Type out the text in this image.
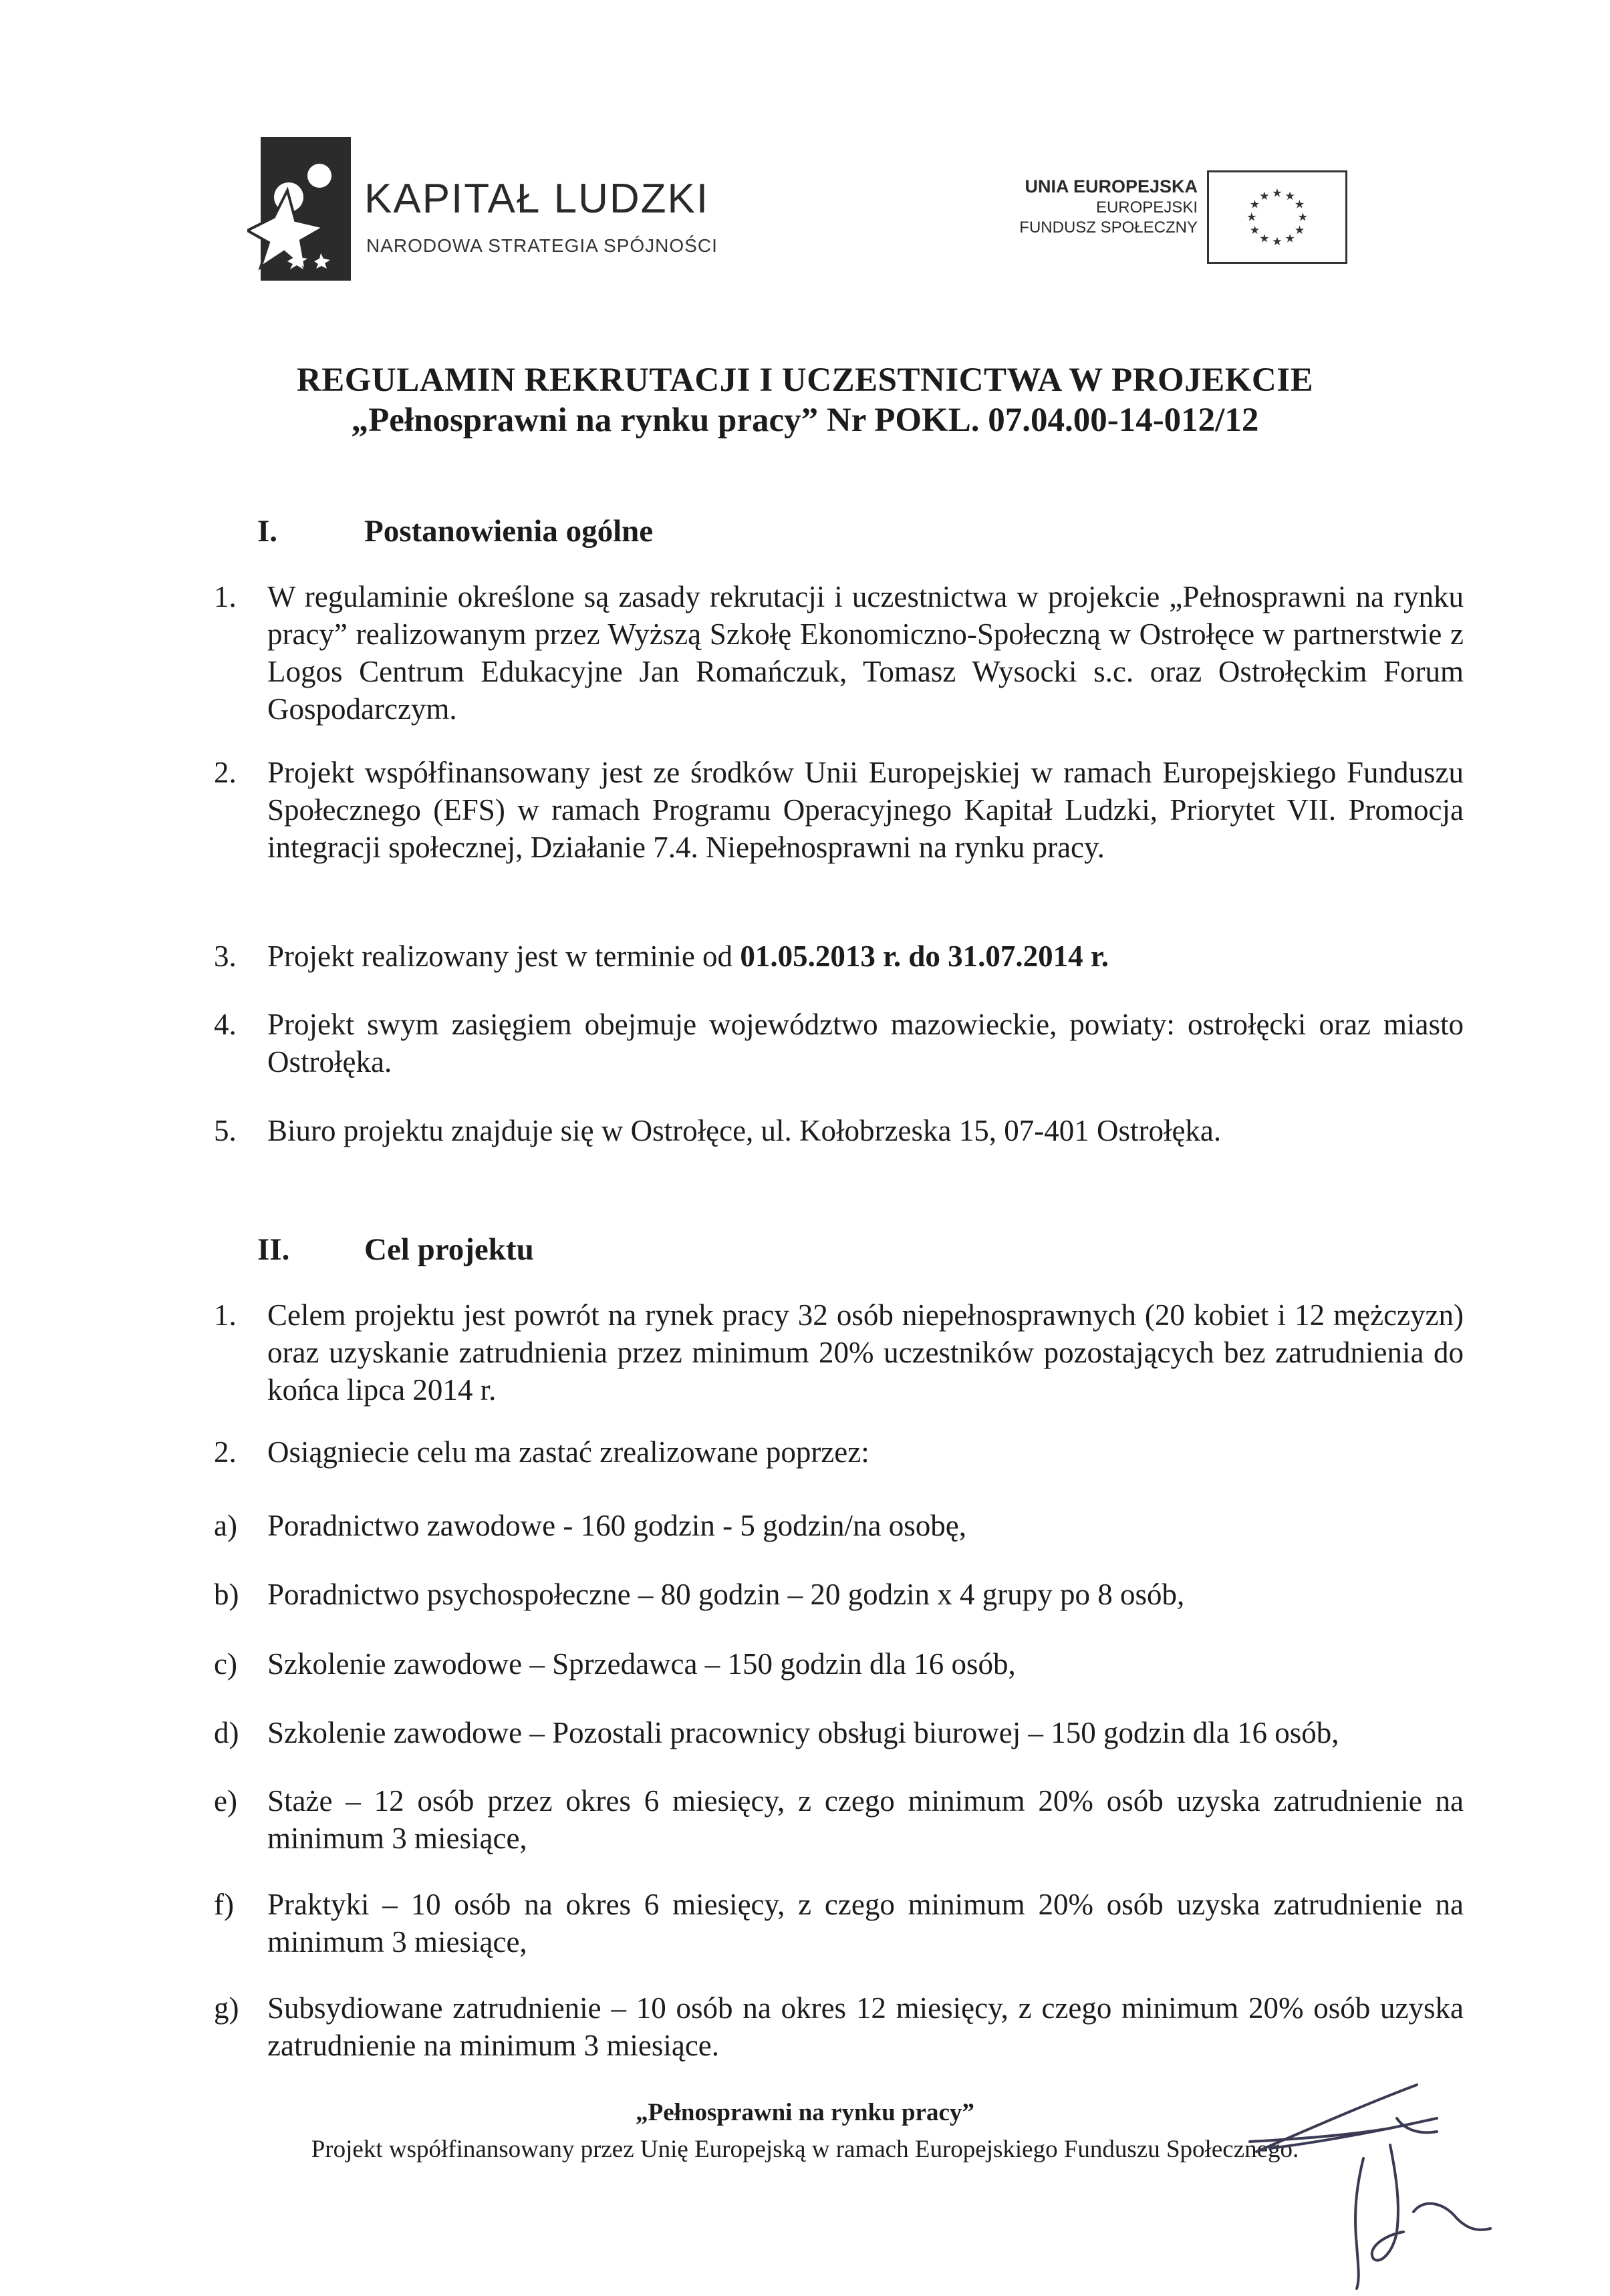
KAPITAŁ LUDZKI
NARODOWA STRATEGIA SPÓJNOŚCI
UNIA EUROPEJSKA
EUROPEJSKI
FUNDUSZ SPOŁECZNY
★ ★
★
★
★
★
★
★
★
★
★
★
REGULAMIN REKRUTACJI I UCZESTNICTWA W PROJEKCIE
„Pełnosprawni na rynku pracy” Nr POKL. 07.04.00-14-012/12
I.	Postanowienia ogólne
1. W regulaminie określone są zasady rekrutacji i uczestnictwa w projekcie „Pełnosprawni na rynku pracy” realizowanym przez Wyższą Szkołę Ekonomiczno-Społeczną w Ostrołęce w partnerstwie z Logos Centrum Edukacyjne Jan Romańczuk, Tomasz Wysocki s.c. oraz Ostrołęckim Forum Gospodarczym.
2. Projekt współfinansowany jest ze środków Unii Europejskiej w ramach Europejskiego Funduszu Społecznego (EFS) w ramach Programu Operacyjnego Kapitał Ludzki, Priorytet VII. Promocja integracji społecznej, Działanie 7.4. Niepełnosprawni na rynku pracy.
3. Projekt realizowany jest w terminie od 01.05.2013 r. do 31.07.2014 r.
4. Projekt swym zasięgiem obejmuje województwo mazowieckie, powiaty: ostrołęcki oraz miasto Ostrołęka.
5. Biuro projektu znajduje się w Ostrołęce, ul. Kołobrzeska 15, 07-401 Ostrołęka.
II. Cel projektu
1. Celem projektu jest powrót na rynek pracy 32 osób niepełnosprawnych (20 kobiet i 12 mężczyzn) oraz uzyskanie zatrudnienia przez minimum 20% uczestników pozostających bez zatrudnienia do końca lipca 2014 r.
2. Osiągniecie celu ma zastać zrealizowane poprzez:
a) Poradnictwo zawodowe - 160 godzin - 5 godzin/na osobę,
b) Poradnictwo psychospołeczne – 80 godzin – 20 godzin x 4 grupy po 8 osób,
c) Szkolenie zawodowe – Sprzedawca – 150 godzin dla 16 osób,
d) Szkolenie zawodowe – Pozostali pracownicy obsługi biurowej – 150 godzin dla 16 osób,
e) Staże – 12 osób przez okres 6 miesięcy, z czego minimum 20% osób uzyska zatrudnienie na minimum 3 miesiące,
f) Praktyki – 10 osób na okres 6 miesięcy, z czego minimum 20% osób uzyska zatrudnienie na minimum 3 miesiące,
g) Subsydiowane zatrudnienie – 10 osób na okres 12 miesięcy, z czego minimum 20% osób uzyska zatrudnienie na minimum 3 miesiące.
„Pełnosprawni na rynku pracy”
Projekt współfinansowany przez Unię Europejską w ramach Europejskiego Funduszu Społecznego.
